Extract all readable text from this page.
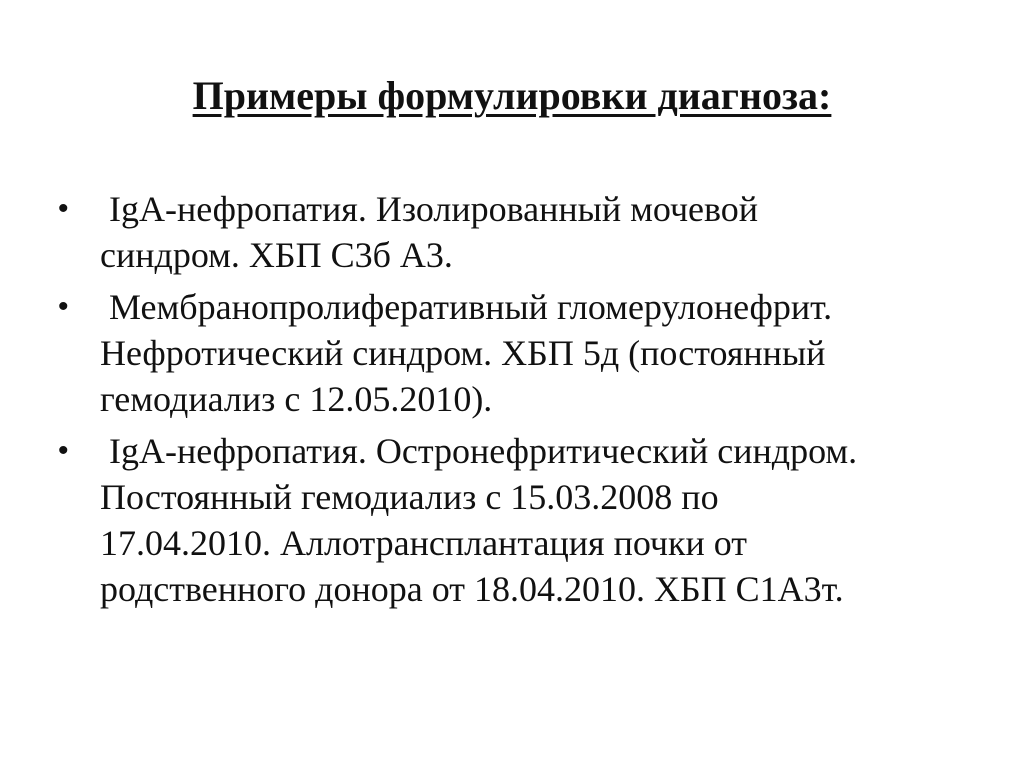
Примеры формулировки диагноза:
• IgA-нефропатия. Изолированный мочевой
синдром. ХБП С3б А3.
• Мембранопролиферативный гломерулонефрит.
Нефротический синдром. ХБП 5д (постоянный
гемодиализ с 12.05.2010).
• IgA-нефропатия. Остронефритический синдром.
Постоянный гемодиализ с 15.03.2008 по
17.04.2010. Аллотрансплантация почки от
родственного донора от 18.04.2010. ХБП С1А3т.
